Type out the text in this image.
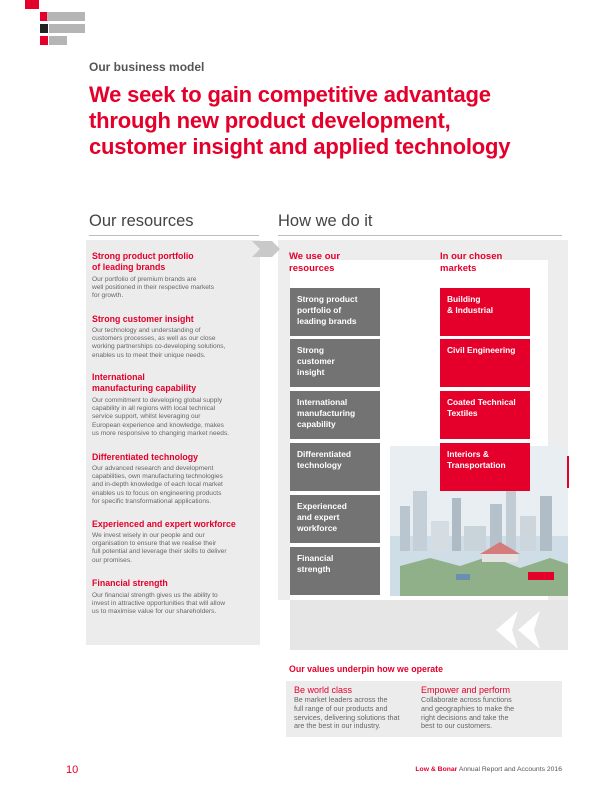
Our business model
We seek to gain competitive advantage
through new product development,
customer insight and applied technology
Our resources	How we do it
Strong product portfolio
of leading brands
Our portfolio of premium brands are
well positioned in their respective markets
for growth.
Strong customer insight
Our technology and understanding of
customers processes, as well as our close
working partnerships co-developing solutions,
enables us to meet their unique needs.
International
manufacturing capability
Our commitment to developing global supply
capability in all regions with local technical
service support, whilst leveraging our
European experience and knowledge, makes
us more responsive to changing market needs.
Differentiated technology
Our advanced research and development
capabilities, own manufacturing technologies
and in-depth knowledge of each local market
enables us to focus on engineering products
for specific transformational applications.
Experienced and expert workforce
We invest wisely in our people and our
organisation to ensure that we realise their
full potential and leverage their skills to deliver
our promises.
Financial strength
Our financial strength gives us the ability to
invest in attractive opportunities that will allow
us to maximise value for our shareholders.
We use our
resources
In our chosen
markets
Strong product
portfolio of
leading brands
Strong
customer
insight
International
manufacturing
capability
Differentiated
technology
Experienced
and expert
workforce
Financial
strength
Building
& Industrial
Civil Engineering
Coated Technical
Textiles
Interiors &
Transportation
Our values underpin how we operate
Be world class
Be market leaders across the
full range of our products and
services, delivering solutions that
are the best in our industry.
Empower and perform
Collaborate across functions
and geographies to make the
right decisions and take the
best to our customers.
10	Low & Bonar Annual Report and Accounts 2016
